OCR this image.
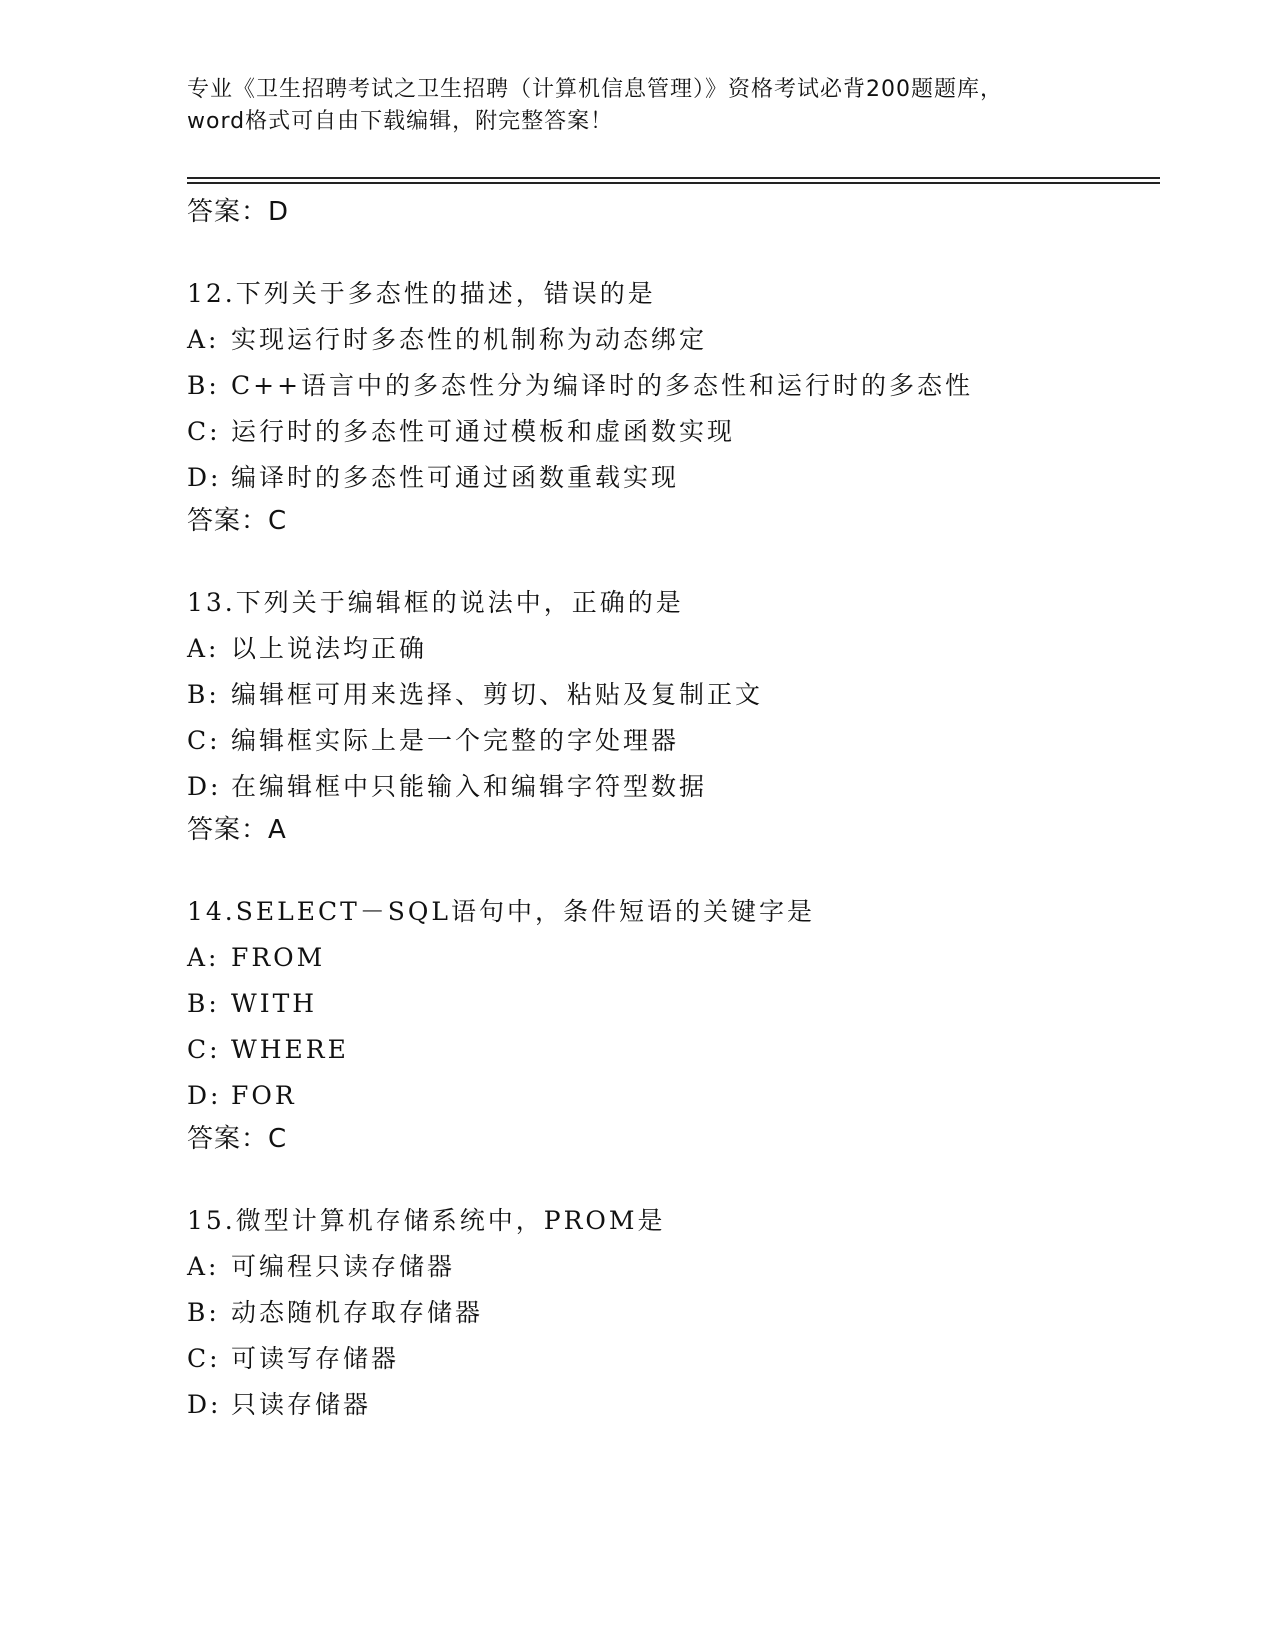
专业《卫生招聘考试之卫生招聘（计算机信息管理）》资格考试必背200题题库，
word格式可自由下载编辑，附完整答案！
答案：D
12.下列关于多态性的描述，错误的是
A: 实现运行时多态性的机制称为动态绑定
B: C++语言中的多态性分为编译时的多态性和运行时的多态性
C: 运行时的多态性可通过模板和虚函数实现
D: 编译时的多态性可通过函数重载实现
答案：C
13.下列关于编辑框的说法中，正确的是
A: 以上说法均正确
B: 编辑框可用来选择、剪切、粘贴及复制正文
C: 编辑框实际上是一个完整的字处理器
D: 在编辑框中只能输入和编辑字符型数据
答案：A
14.SELECT－SQL语句中，条件短语的关键字是
A: FROM
B: WITH
C: WHERE
D: FOR
答案：C
15.微型计算机存储系统中，PROM是
A: 可编程只读存储器
B: 动态随机存取存储器
C: 可读写存储器
D: 只读存储器
